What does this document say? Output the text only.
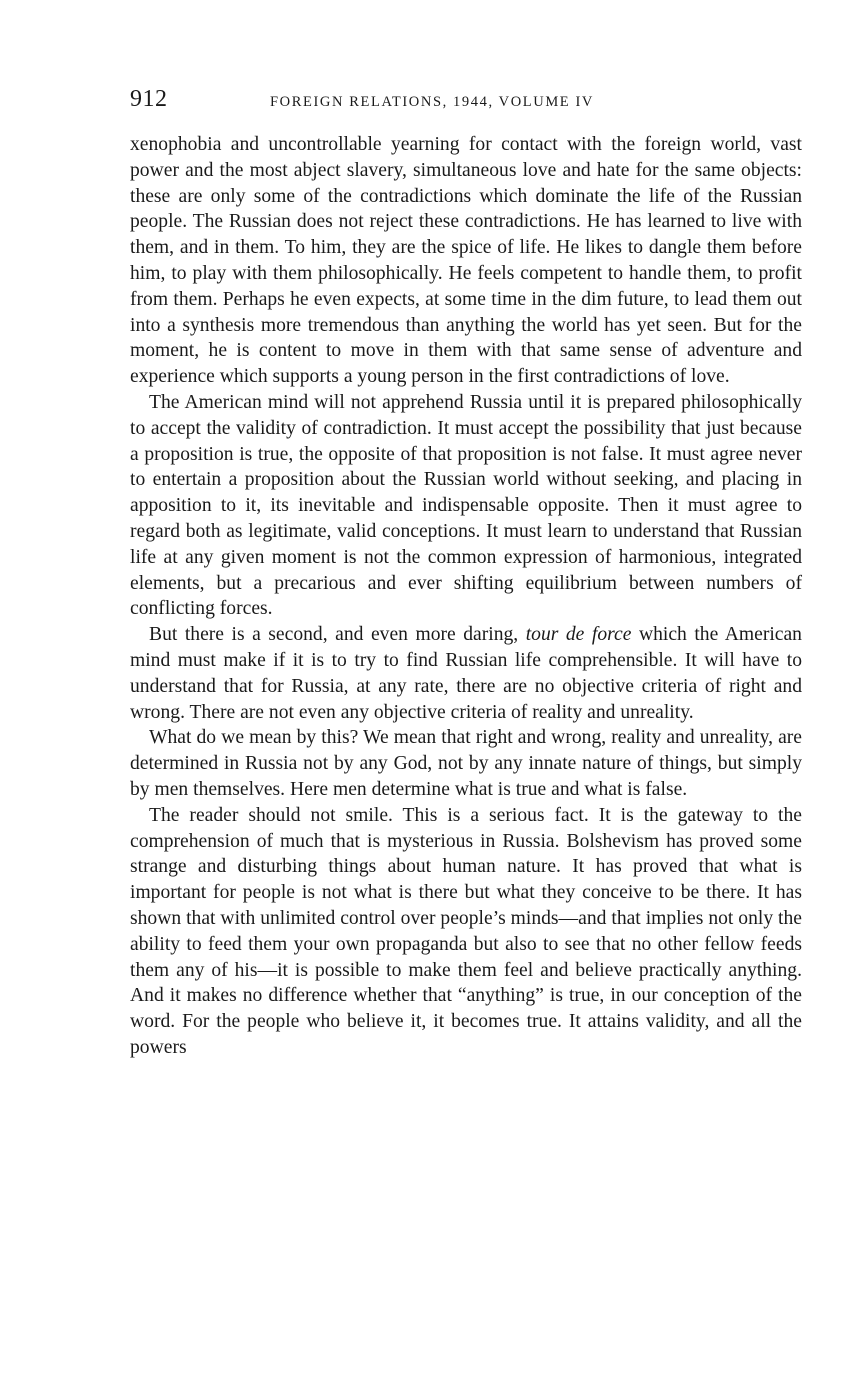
912	FOREIGN RELATIONS, 1944, VOLUME IV

xenophobia and uncontrollable yearning for contact with the foreign world, vast power and the most abject slavery, simultaneous love and hate for the same objects: these are only some of the contradictions which dominate the life of the Russian people. The Russian does not reject these contradictions. He has learned to live with them, and in them. To him, they are the spice of life. He likes to dangle them before him, to play with them philosophically. He feels competent to handle them, to profit from them. Perhaps he even expects, at some time in the dim future, to lead them out into a synthesis more tremendous than anything the world has yet seen. But for the moment, he is content to move in them with that same sense of adventure and experience which supports a young person in the first contradictions of love.

The American mind will not apprehend Russia until it is prepared philosophically to accept the validity of contradiction. It must accept the possibility that just because a proposition is true, the opposite of that proposition is not false. It must agree never to entertain a proposition about the Russian world without seeking, and placing in apposition to it, its inevitable and indispensable opposite. Then it must agree to regard both as legitimate, valid conceptions. It must learn to understand that Russian life at any given moment is not the common expression of harmonious, integrated elements, but a precarious and ever shifting equilibrium between numbers of conflicting forces.

But there is a second, and even more daring, tour de force which the American mind must make if it is to try to find Russian life comprehensible. It will have to understand that for Russia, at any rate, there are no objective criteria of right and wrong. There are not even any objective criteria of reality and unreality.

What do we mean by this? We mean that right and wrong, reality and unreality, are determined in Russia not by any God, not by any innate nature of things, but simply by men themselves. Here men determine what is true and what is false.

The reader should not smile. This is a serious fact. It is the gateway to the comprehension of much that is mysterious in Russia. Bolshevism has proved some strange and disturbing things about human nature. It has proved that what is important for people is not what is there but what they conceive to be there. It has shown that with unlimited control over people’s minds—and that implies not only the ability to feed them your own propaganda but also to see that no other fellow feeds them any of his—it is possible to make them feel and believe practically anything. And it makes no difference whether that “anything” is true, in our conception of the word. For the people who believe it, it becomes true. It attains validity, and all the powers
